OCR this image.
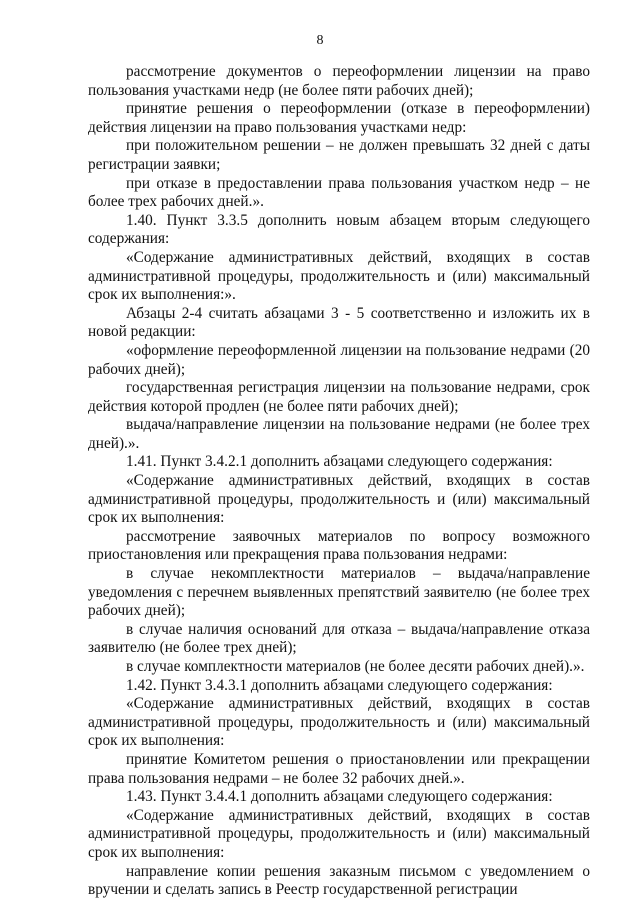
8

рассмотрение документов о переоформлении лицензии на право пользования участками недр (не более пяти рабочих дней);

принятие решения о переоформлении (отказе в переоформлении) действия лицензии на право пользования участками недр:

при положительном решении – не должен превышать 32 дней с даты регистрации заявки;

при отказе в предоставлении права пользования участком недр – не более трех рабочих дней.».

1.40. Пункт 3.3.5 дополнить новым абзацем вторым следующего содержания:

«Содержание административных действий, входящих в состав административной процедуры, продолжительность и (или) максимальный срок их выполнения:».

Абзацы 2-4 считать абзацами 3 - 5 соответственно и изложить их в новой редакции:

«оформление переоформленной лицензии на пользование недрами (20 рабочих дней);

государственная регистрация лицензии на пользование недрами, срок действия которой продлен (не более пяти рабочих дней);

выдача/направление лицензии на пользование недрами (не более трех дней).».

1.41. Пункт 3.4.2.1 дополнить абзацами следующего содержания:

«Содержание административных действий, входящих в состав административной процедуры, продолжительность и (или) максимальный срок их выполнения:

рассмотрение заявочных материалов по вопросу возможного приостановления или прекращения права пользования недрами:

в случае некомплектности материалов – выдача/направление уведомления с перечнем выявленных препятствий заявителю (не более трех рабочих дней);

в случае наличия оснований для отказа – выдача/направление отказа заявителю (не более трех дней);

в случае комплектности материалов (не более десяти рабочих дней).».

1.42. Пункт 3.4.3.1 дополнить абзацами следующего содержания:

«Содержание административных действий, входящих в состав административной процедуры, продолжительность и (или) максимальный срок их выполнения:

принятие Комитетом решения о приостановлении или прекращении права пользования недрами – не более 32 рабочих дней.».

1.43. Пункт 3.4.4.1 дополнить абзацами следующего содержания:

«Содержание административных действий, входящих в состав административной процедуры, продолжительность и (или) максимальный срок их выполнения:

направление копии решения заказным письмом с уведомлением о вручении и сделать запись в Реестр государственной регистрации
